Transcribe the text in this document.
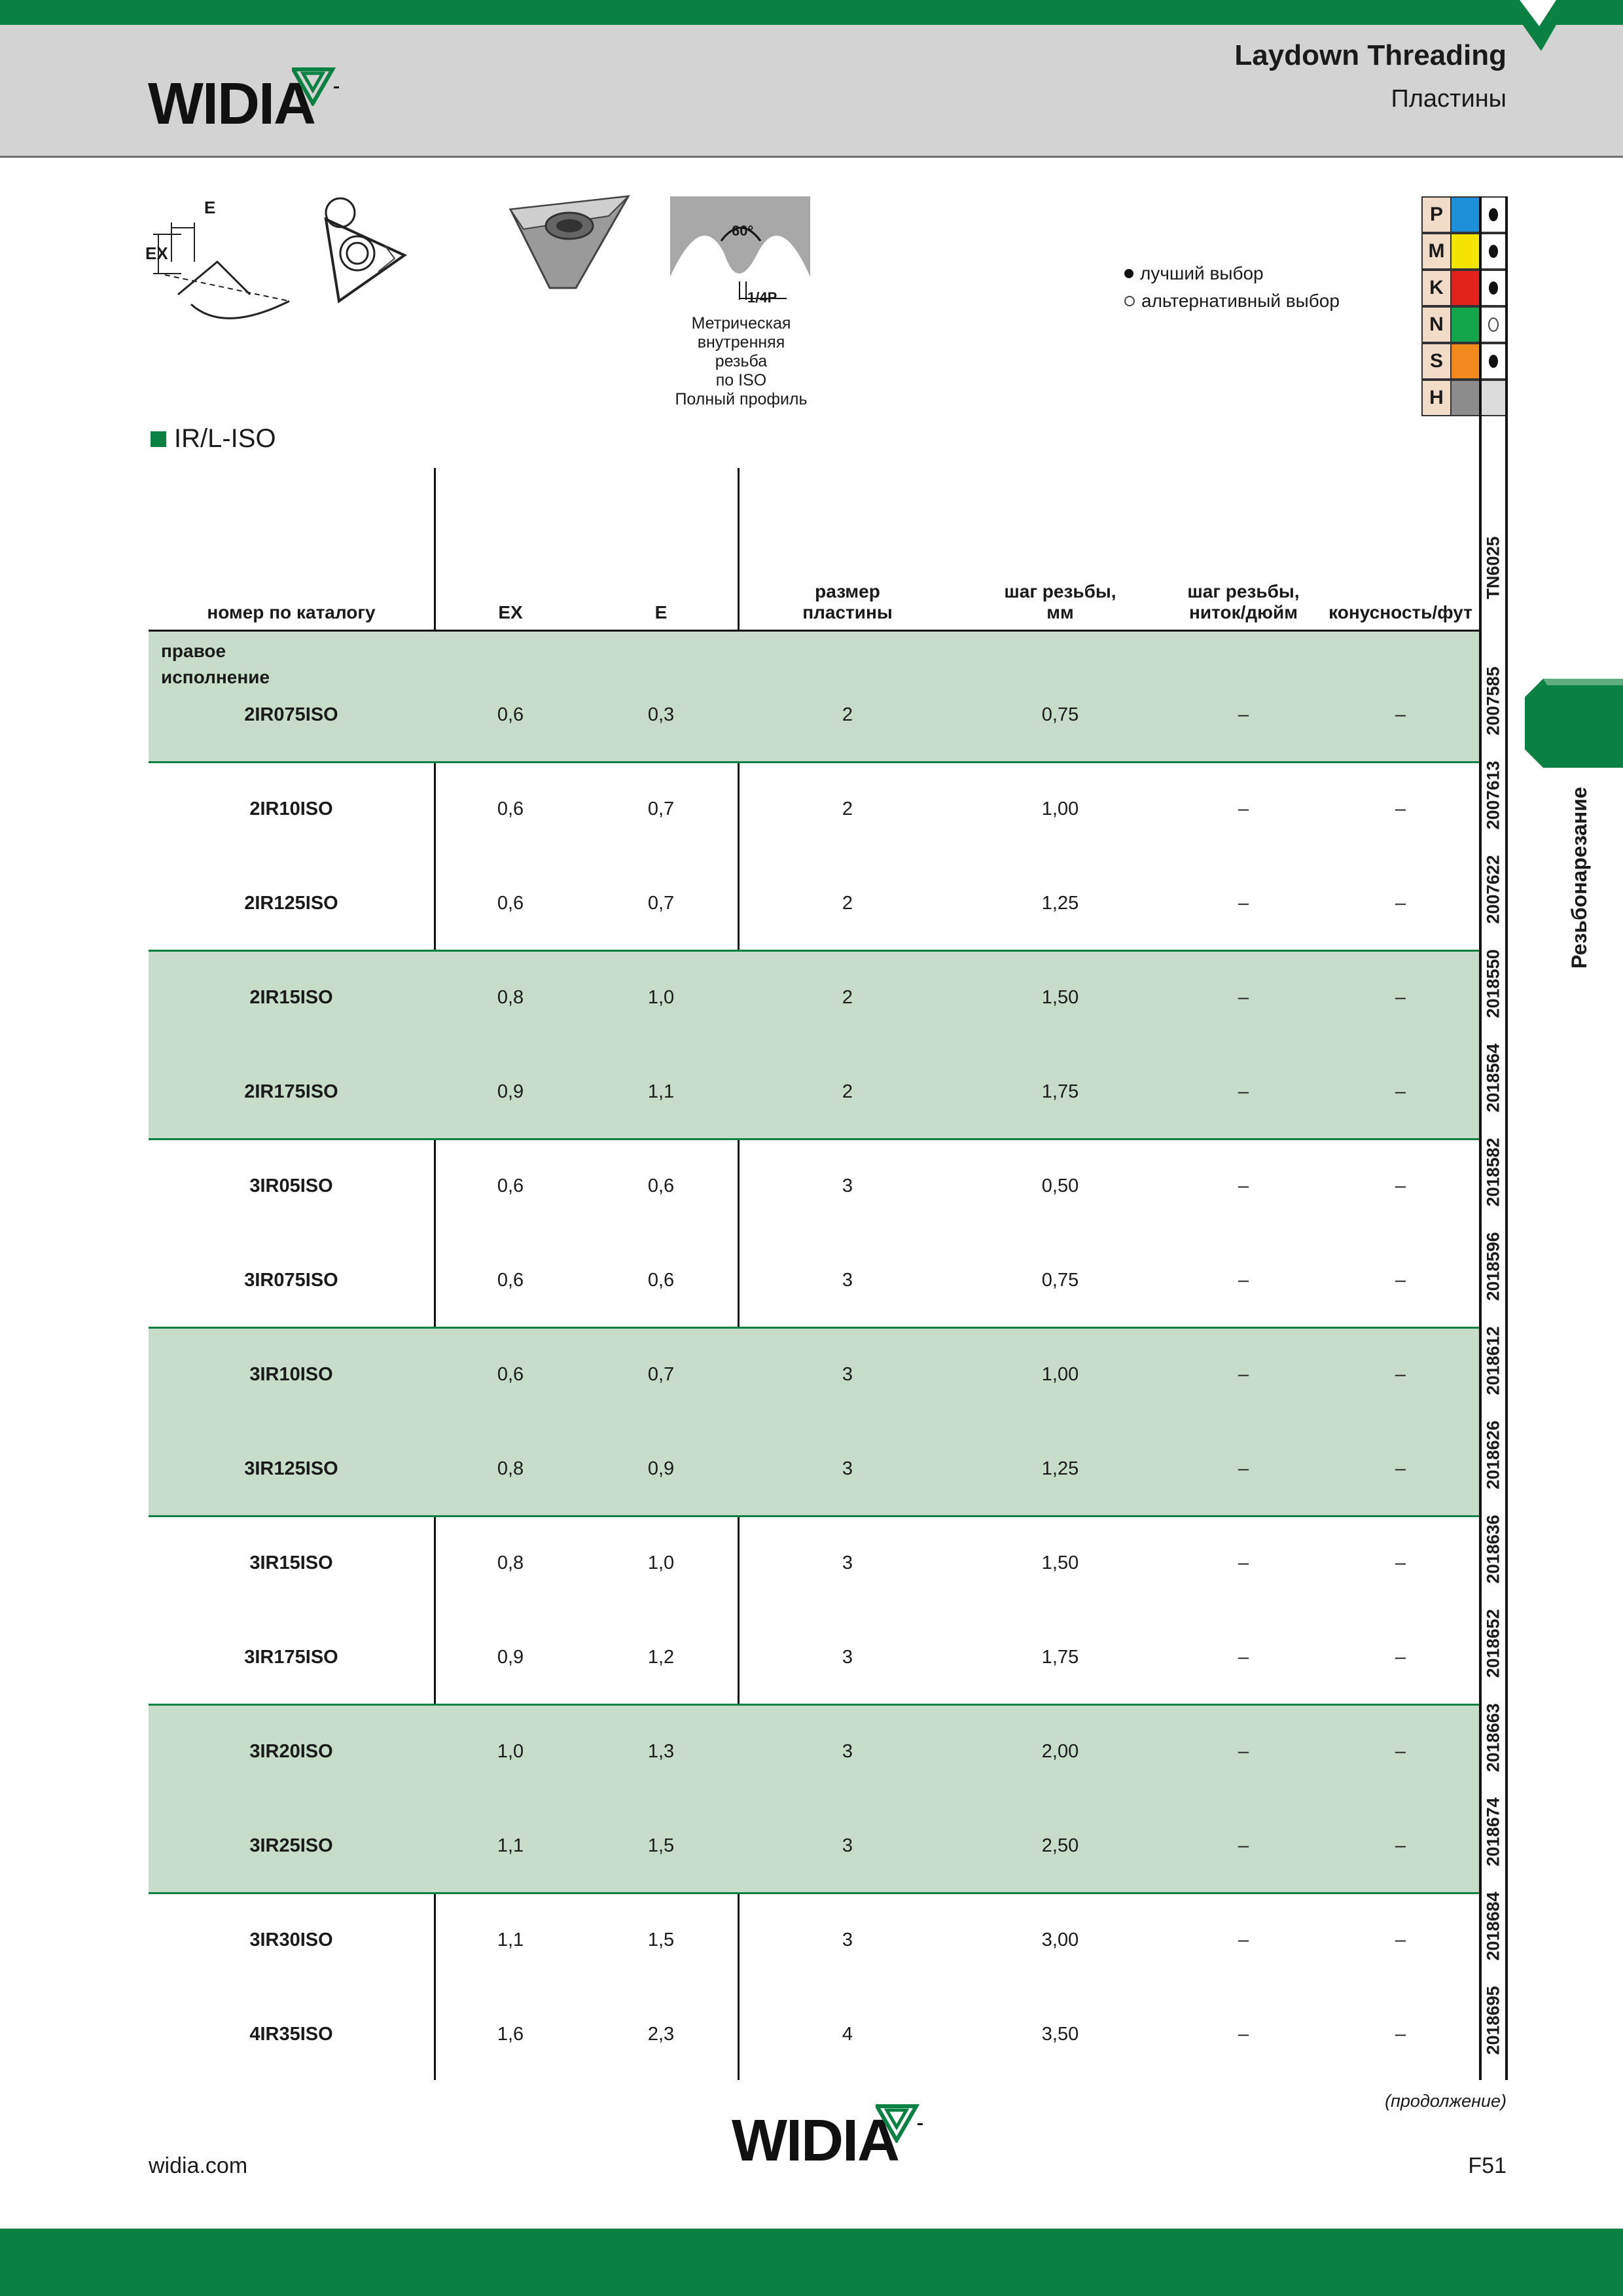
WIDIA
Laydown Threading
Пластины
E
EX
60°
1/4P
Метрическая
внутренняя
резьба
по ISO
Полный профиль
лучший выбор
альтернативный выбор
P
M
K
N
S
H
IR/L-ISO
номер по каталогу	EX	E
размер
пластины
шаг резьбы,
мм
шаг резьбы,
ниток/дюйм	конусность/фут
TN6025
правое исполнение
2IR075ISO	0,6	0,3	2	0,75	–	–	2007585
2IR10ISO	0,6	0,7	2	1,00	–	–	2007613
2IR125ISO	0,6	0,7	2	1,25	–	–	2007622
2IR15ISO	0,8	1,0	2	1,50	–	–	2018550
2IR175ISO	0,9	1,1	2	1,75	–	–	2018564
3IR05ISO	0,6	0,6	3	0,50	–	–	2018582
3IR075ISO	0,6	0,6	3	0,75	–	–	2018596
3IR10ISO	0,6	0,7	3	1,00	–	–	2018612
3IR125ISO	0,8	0,9	3	1,25	–	–	2018626
3IR15ISO	0,8	1,0	3	1,50	–	–	2018636
3IR175ISO	0,9	1,2	3	1,75	–	–	2018652
3IR20ISO	1,0	1,3	3	2,00	–	–	2018663
3IR25ISO	1,1	1,5	3	2,50	–	–	2018674
3IR30ISO	1,1	1,5	3	3,00	–	–	2018684
4IR35ISO	1,6	2,3	4	3,50	–	–	2018695
Резьбонарезание
(продолжение)
widia.com	F51
WIDIA
